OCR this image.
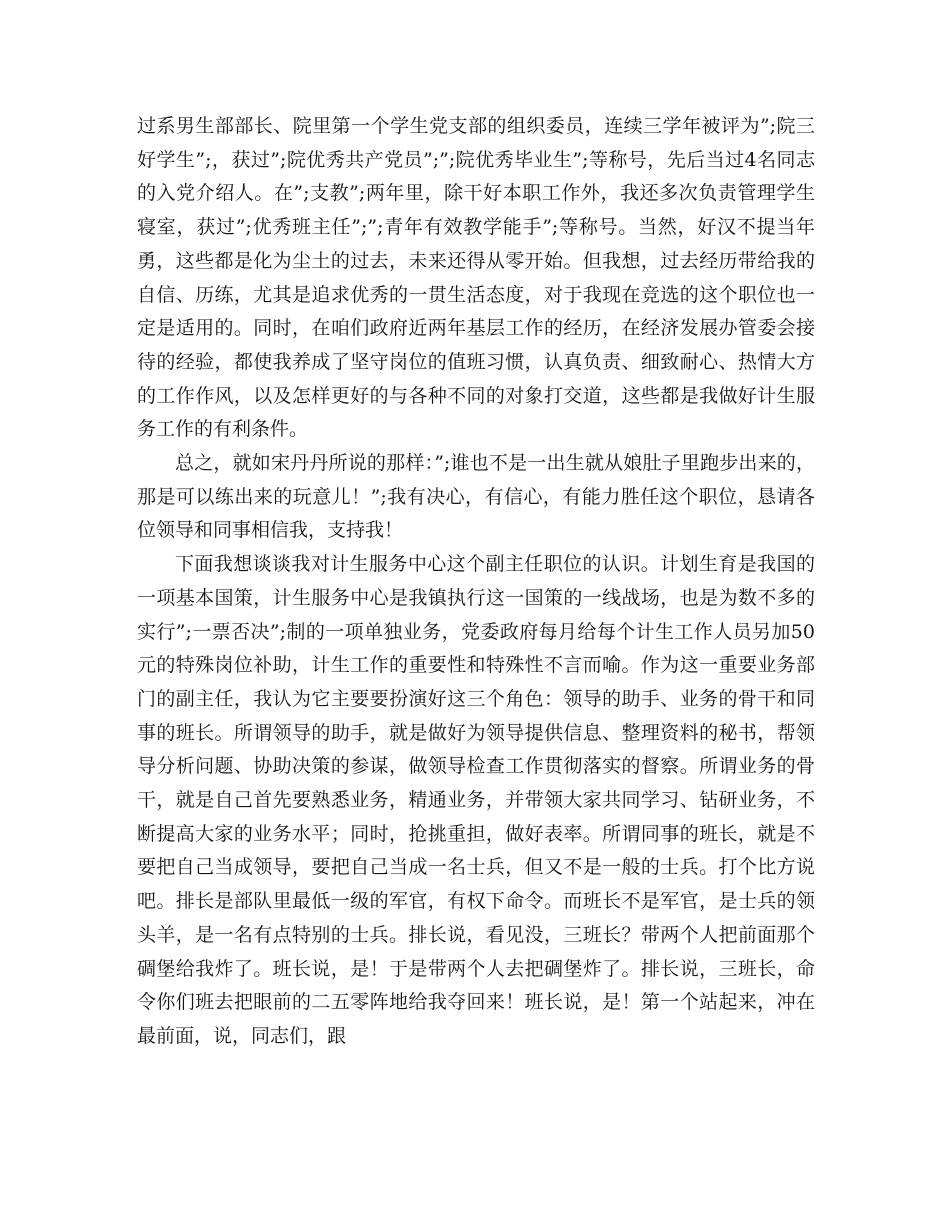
过系男生部部长、院里第一个学生党支部的组织委员，连续三学年被评为”;院三好学生”;，获过”;院优秀共产党员”;”;院优秀毕业生”;等称号，先后当过4名同志的入党介绍人。在”;支教”;两年里，除干好本职工作外，我还多次负责管理学生寝室，获过”;优秀班主任”;”;青年有效教学能手”;等称号。当然，好汉不提当年勇，这些都是化为尘土的过去，未来还得从零开始。但我想，过去经历带给我的自信、历练，尤其是追求优秀的一贯生活态度，对于我现在竞选的这个职位也一定是适用的。同时，在咱们政府近两年基层工作的经历，在经济发展办管委会接待的经验，都使我养成了坚守岗位的值班习惯，认真负责、细致耐心、热情大方的工作作风，以及怎样更好的与各种不同的对象打交道，这些都是我做好计生服务工作的有利条件。

总之，就如宋丹丹所说的那样：”;谁也不是一出生就从娘肚子里跑步出来的，那是可以练出来的玩意儿！”;我有决心，有信心，有能力胜任这个职位，恳请各位领导和同事相信我，支持我！

下面我想谈谈我对计生服务中心这个副主任职位的认识。计划生育是我国的一项基本国策，计生服务中心是我镇执行这一国策的一线战场，也是为数不多的实行”;一票否决”;制的一项单独业务，党委政府每月给每个计生工作人员另加50元的特殊岗位补助，计生工作的重要性和特殊性不言而喻。作为这一重要业务部门的副主任，我认为它主要要扮演好这三个角色：领导的助手、业务的骨干和同事的班长。所谓领导的助手，就是做好为领导提供信息、整理资料的秘书，帮领导分析问题、协助决策的参谋，做领导检查工作贯彻落实的督察。所谓业务的骨干，就是自己首先要熟悉业务，精通业务，并带领大家共同学习、钻研业务，不断提高大家的业务水平；同时，抢挑重担，做好表率。所谓同事的班长，就是不要把自己当成领导，要把自己当成一名士兵，但又不是一般的士兵。打个比方说吧。排长是部队里最低一级的军官，有权下命令。而班长不是军官，是士兵的领头羊，是一名有点特别的士兵。排长说，看见没，三班长？带两个人把前面那个碉堡给我炸了。班长说，是！于是带两个人去把碉堡炸了。排长说，三班长，命令你们班去把眼前的二五零阵地给我夺回来！班长说，是！第一个站起来，冲在最前面，说，同志们，跟
